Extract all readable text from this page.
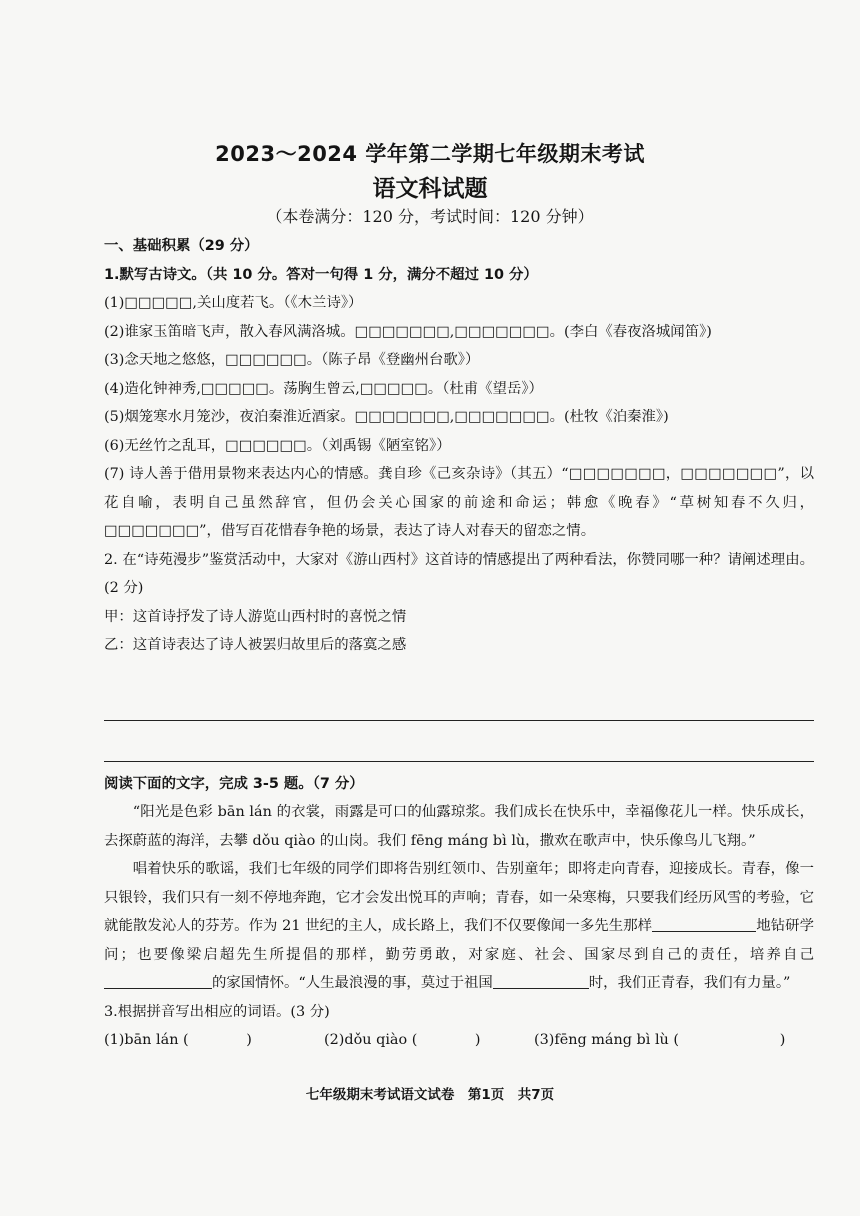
2023～2024 学年第二学期七年级期末考试
语文科试题
（本卷满分：120 分，考试时间：120 分钟）
一、基础积累（29 分）
1.默写古诗文。（共 10 分。答对一句得 1 分，满分不超过 10 分）
(1)□□□□□,关山度若飞。（《木兰诗》）
(2)谁家玉笛暗飞声，散入春风满洛城。□□□□□□□,□□□□□□□。(李白《春夜洛城闻笛》)
(3)念天地之悠悠，□□□□□□。（陈子昂《登幽州台歌》）
(4)造化钟神秀,□□□□□。荡胸生曾云,□□□□□。（杜甫《望岳》）
(5)烟笼寒水月笼沙，夜泊秦淮近酒家。□□□□□□□,□□□□□□□。(杜牧《泊秦淮》)
(6)无丝竹之乱耳，□□□□□□。（刘禹锡《陋室铭》）
(7) 诗人善于借用景物来表达内心的情感。龚自珍《己亥杂诗》（其五）“□□□□□□□，□□□□□□□”，以花自喻，表明自己虽然辞官，但仍会关心国家的前途和命运；韩愈《晚春》“草树知春不久归，□□□□□□□”，借写百花惜春争艳的场景，表达了诗人对春天的留恋之情。
2. 在“诗苑漫步”鉴赏活动中，大家对《游山西村》这首诗的情感提出了两种看法，你赞同哪一种？请阐述理由。(2 分)
甲：这首诗抒发了诗人游览山西村时的喜悦之情
乙：这首诗表达了诗人被罢归故里后的落寞之感
阅读下面的文字，完成 3-5 题。（7 分）
“阳光是色彩 bān lán 的衣裳，雨露是可口的仙露琼浆。我们成长在快乐中，幸福像花儿一样。快乐成长，去探蔚蓝的海洋，去攀 dǒu qiào 的山岗。我们 fēng máng bì lù，撒欢在歌声中，快乐像鸟儿飞翔。”
唱着快乐的歌谣，我们七年级的同学们即将告别红领巾、告别童年；即将走向青春，迎接成长。青春，像一只银铃，我们只有一刻不停地奔跑，它才会发出悦耳的声响；青春，如一朵寒梅，只要我们经历风雪的考验，它就能散发沁人的芬芳。作为 21 世纪的主人，成长路上，我们不仅要像闻一多先生那样	地钻研学问；也要像梁启超先生所提倡的那样，勤劳勇敢，对家庭、社会、国家尽到自己的责任，培养自己的家国情怀。“人生最浪漫的事，莫过于祖国	时，我们正青春，我们有力量。”
3.根据拼音写出相应的词语。(3 分)
(1)bān lán (　　　　)	(2)dǒu qiào (　　　　)	(3)fēng máng bì lù (　　　　　　　)
七年级期末考试语文试卷　第1页　共7页
